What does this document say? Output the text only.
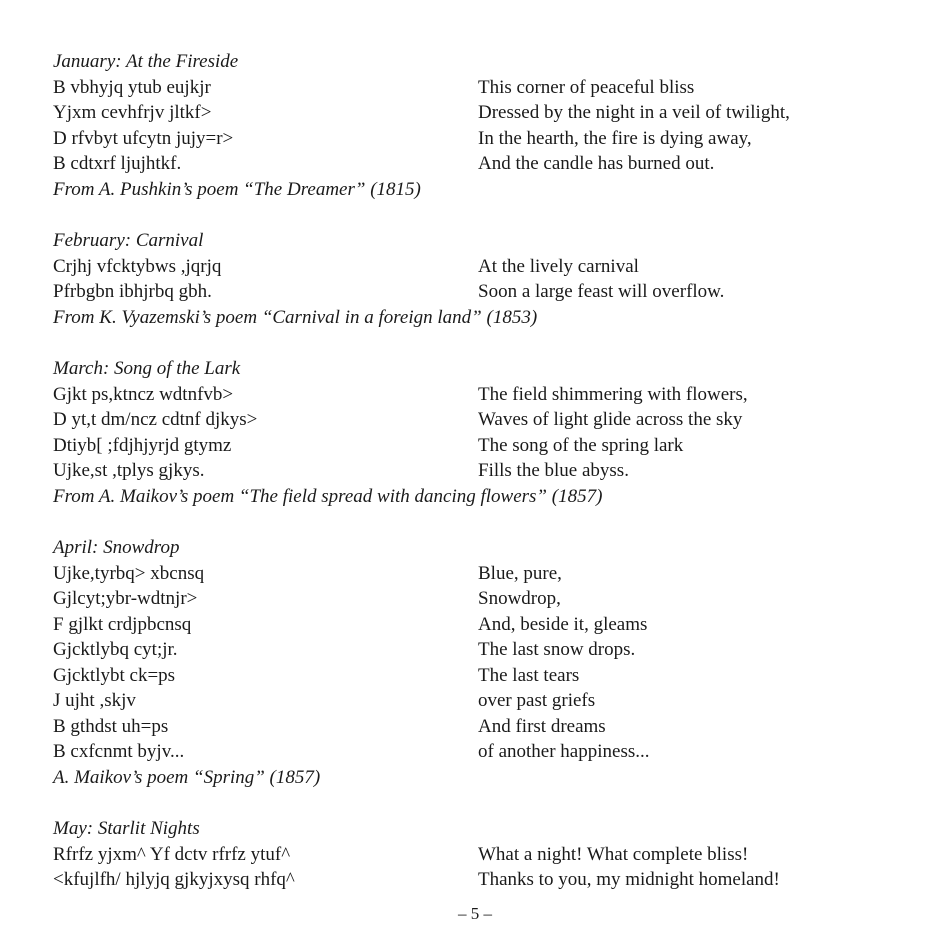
January: At the Fireside
B vbhyjq ytub eujkjr	This corner of peaceful bliss
Yjxm cevhfrjv jltkf>	Dressed by the night in a veil of twilight,
D rfvbyt ufcytn jujy=r>	In the hearth, the fire is dying away,
B cdtxrf ljujhtkf.	And the candle has burned out.
From A. Pushkin’s poem “The Dreamer” (1815)
February: Carnival
Crjhj vfcktybws ,jqrjq	At the lively carnival
Pfrbgbn ibhjrbq gbh.	Soon a large feast will overflow.
From K. Vyazemski’s poem “Carnival in a foreign land” (1853)
March: Song of the Lark
Gjkt ps,ktncz wdtnfvb>	The field shimmering with flowers,
D yt,t dm/ncz cdtnf djkys>	Waves of light glide across the sky
Dtiyb[ ;fdjhjyrjd gtymz	The song of the spring lark
Ujke,st ,tplys gjkys.	Fills the blue abyss.
From A. Maikov’s poem “The field spread with dancing flowers” (1857)
April: Snowdrop
Ujke,tyrbq> xbcnsq	Blue, pure,
Gjlcyt;ybr-wdtnjr>	Snowdrop,
F gjlkt crdjpbcnsq	And, beside it, gleams
Gjcktlybq cyt;jr.	The last snow drops.
Gjcktlybt ck=ps	The last tears
J ujht ,skjv	over past griefs
B gthdst uh=ps	And first dreams
B cxfcnmt byjv...	of another happiness...
A. Maikov’s poem “Spring” (1857)
May: Starlit Nights
Rfrfz yjxm^ Yf dctv rfrfz ytuf^	What a night! What complete bliss!
<kfujlfh/ hjlyjq gjkyjxysq rhfq^	Thanks to you, my midnight homeland!
– 5 –
